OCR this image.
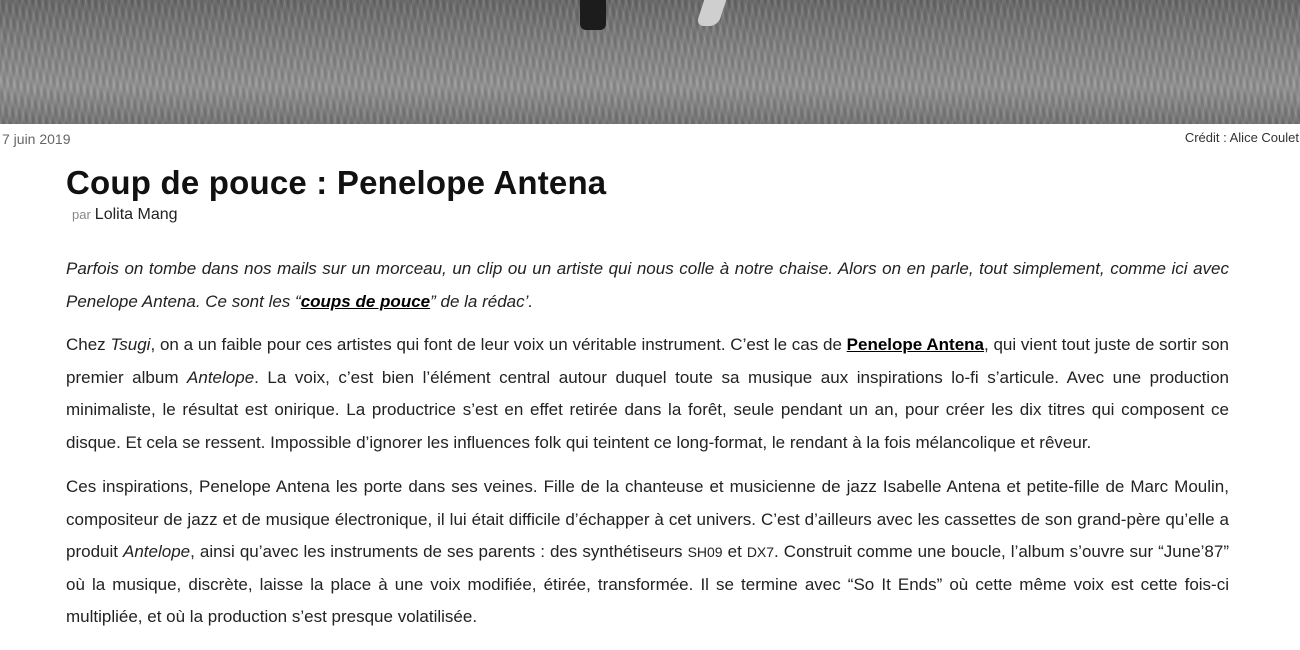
7 juin 2019	Crédit : Alice Coulet
Coup de pouce : Penelope Antena
par Lolita Mang

Parfois on tombe dans nos mails sur un morceau, un clip ou un artiste qui nous colle à notre chaise. Alors on en parle, tout simplement, comme ici avec Penelope Antena. Ce sont les “coups de pouce” de la rédac’.

Chez Tsugi, on a un faible pour ces artistes qui font de leur voix un véritable instrument. C’est le cas de Penelope Antena, qui vient tout juste de sortir son premier album Antelope. La voix, c’est bien l’élément central autour duquel toute sa musique aux inspirations lo-fi s’articule. Avec une production minimaliste, le résultat est onirique. La productrice s’est en effet retirée dans la forêt, seule pendant un an, pour créer les dix titres qui composent ce disque. Et cela se ressent. Impossible d’ignorer les influences folk qui teintent ce long-format, le rendant à la fois mélancolique et rêveur.

Ces inspirations, Penelope Antena les porte dans ses veines. Fille de la chanteuse et musicienne de jazz Isabelle Antena et petite-fille de Marc Moulin, compositeur de jazz et de musique électronique, il lui était difficile d’échapper à cet univers. C’est d’ailleurs avec les cassettes de son grand-père qu’elle a produit Antelope, ainsi qu’avec les instruments de ses parents : des synthétiseurs SH09 et DX7. Construit comme une boucle, l’album s’ouvre sur “June’87” où la musique, discrète, laisse la place à une voix modifiée, étirée, transformée. Il se termine avec “So It Ends” où cette même voix est cette fois-ci multipliée, et où la production s’est presque volatilisée.
